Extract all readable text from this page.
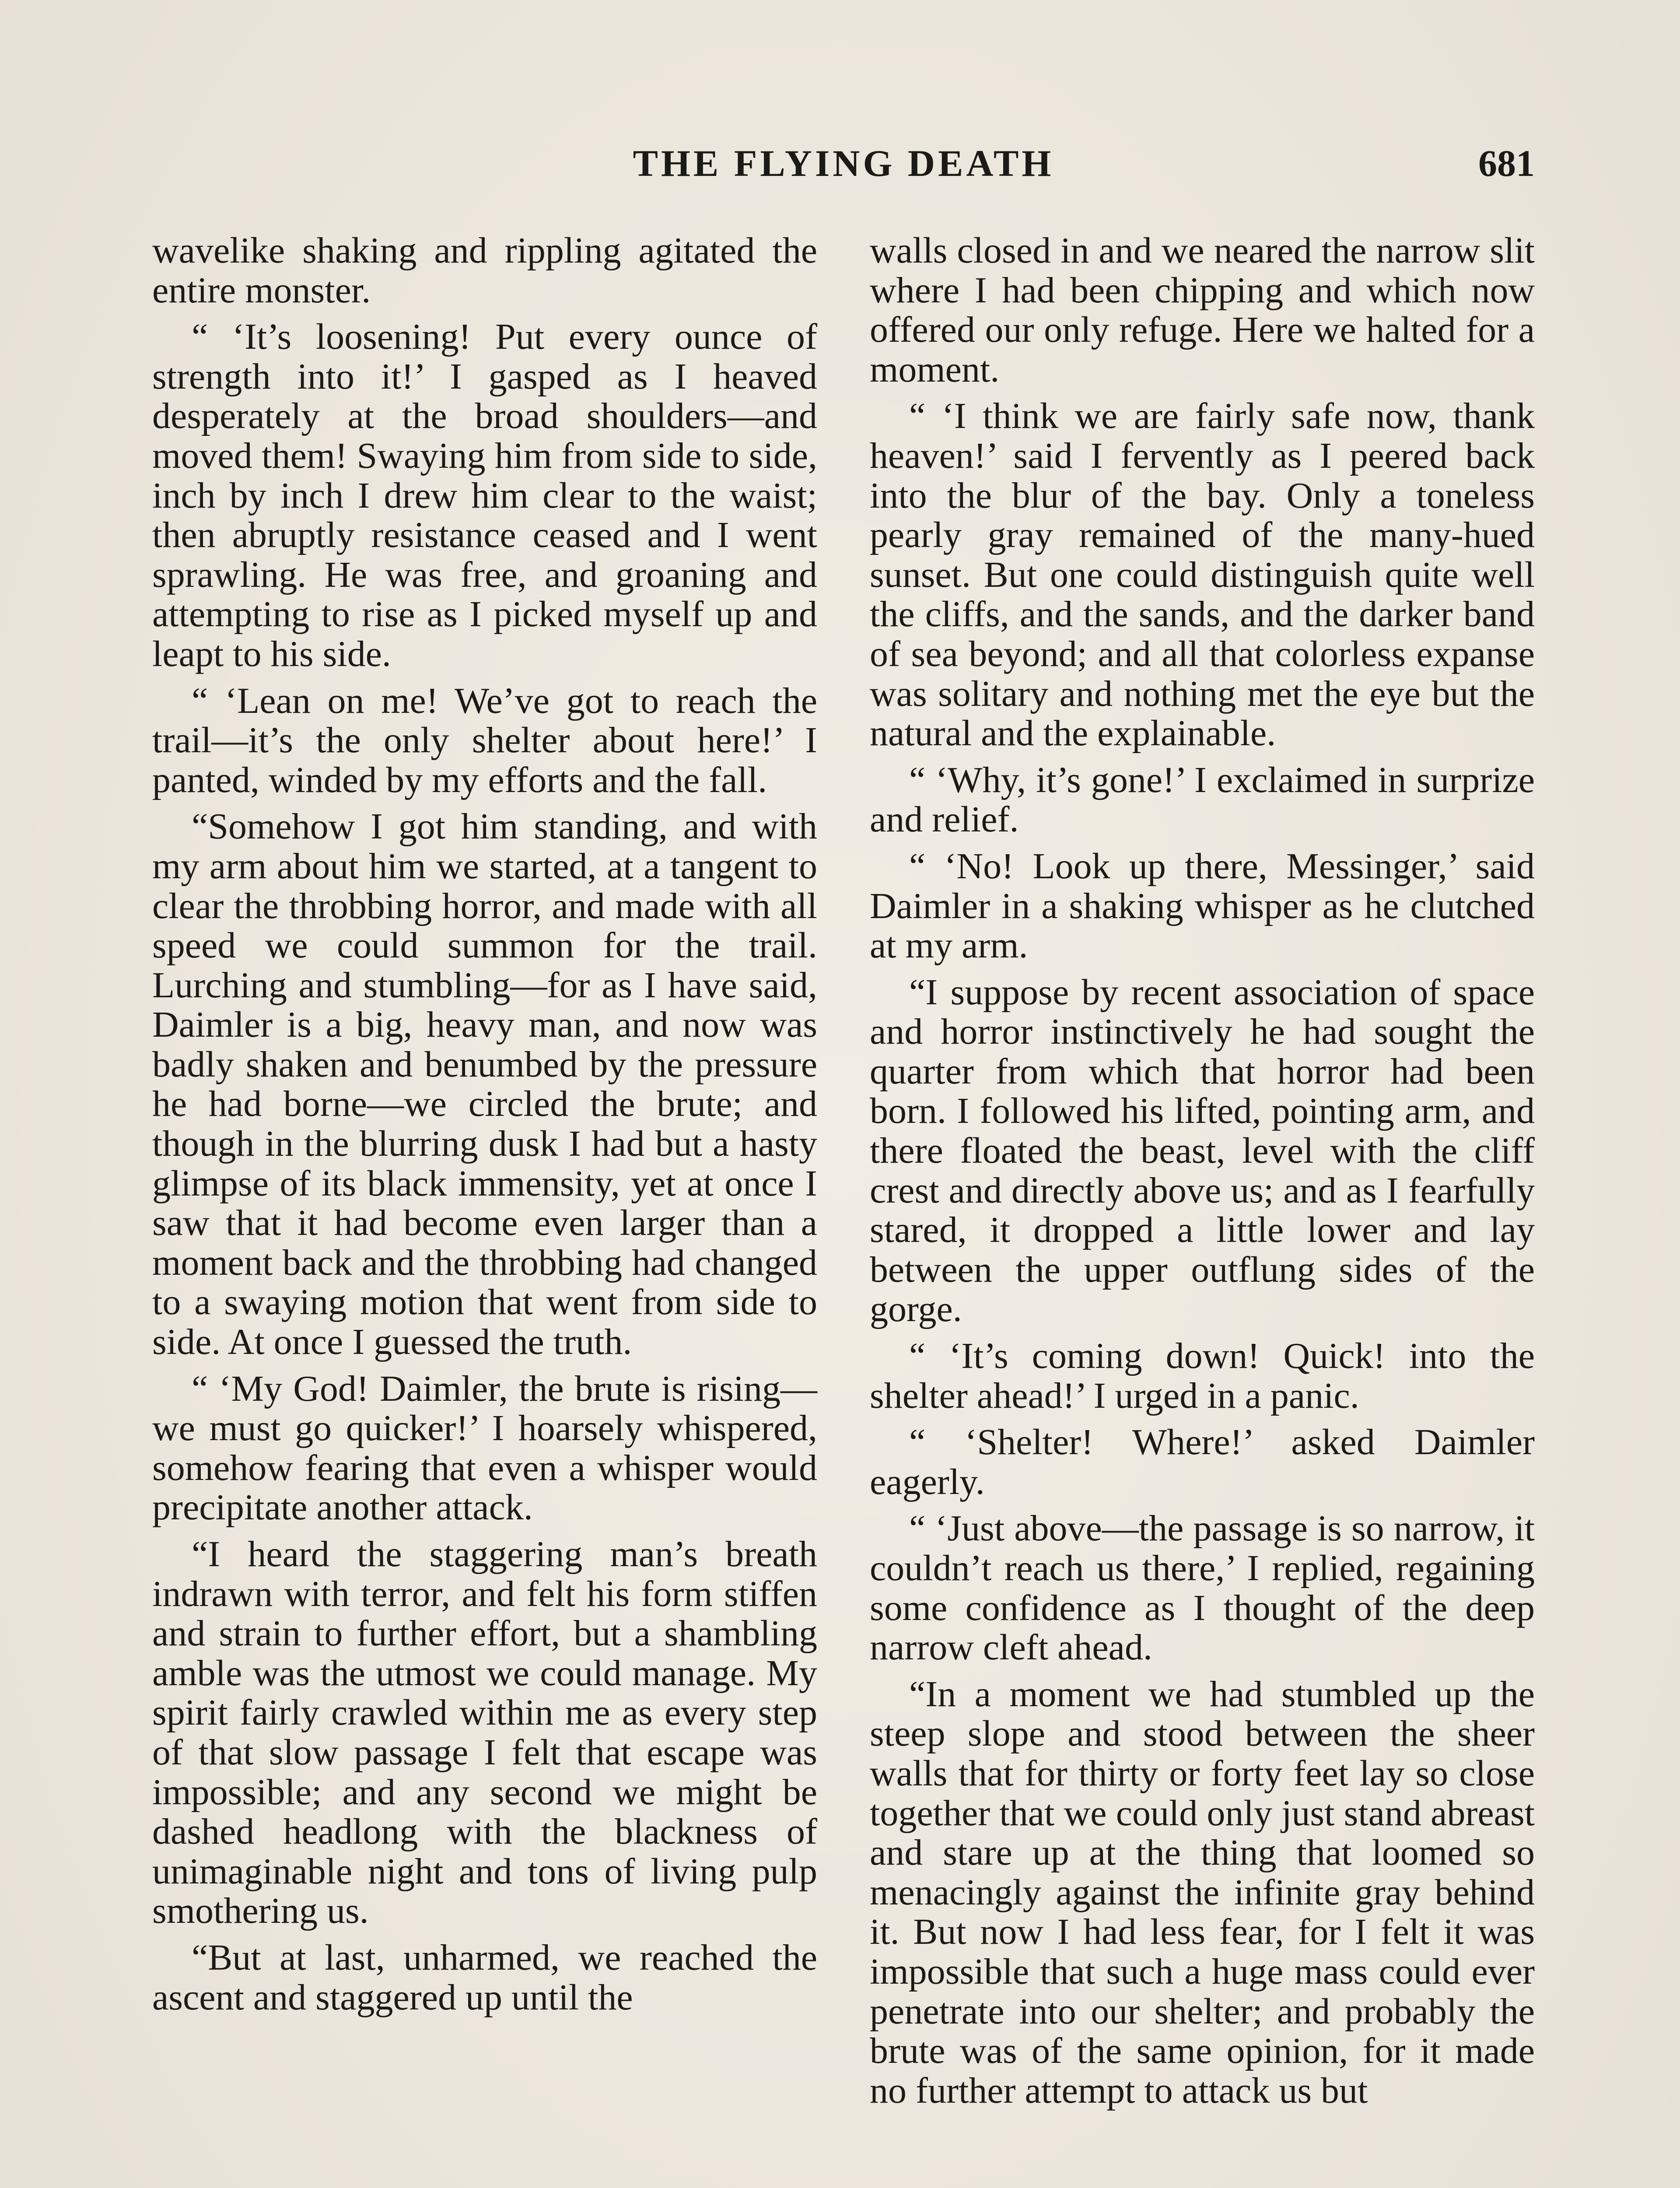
THE FLYING DEATH	681

wavelike shaking and rippling agitated the entire monster.

“ ‘It’s loosening! Put every ounce of strength into it!’ I gasped as I heaved desperately at the broad shoulders—and moved them! Swaying him from side to side, inch by inch I drew him clear to the waist; then abruptly resistance ceased and I went sprawling. He was free, and groaning and attempting to rise as I picked myself up and leapt to his side.

“ ‘Lean on me! We’ve got to reach the trail—it’s the only shelter about here!’ I panted, winded by my efforts and the fall.

“Somehow I got him standing, and with my arm about him we started, at a tangent to clear the throbbing horror, and made with all speed we could summon for the trail. Lurching and stumbling—for as I have said, Daimler is a big, heavy man, and now was badly shaken and benumbed by the pressure he had borne—we circled the brute; and though in the blurring dusk I had but a hasty glimpse of its black immensity, yet at once I saw that it had become even larger than a moment back and the throbbing had changed to a swaying motion that went from side to side. At once I guessed the truth.

“ ‘My God! Daimler, the brute is rising—we must go quicker!’ I hoarsely whispered, somehow fearing that even a whisper would precipitate another attack.

“I heard the staggering man’s breath indrawn with terror, and felt his form stiffen and strain to further effort, but a shambling amble was the utmost we could manage. My spirit fairly crawled within me as every step of that slow passage I felt that escape was impossible; and any second we might be dashed headlong with the blackness of unimaginable night and tons of living pulp smothering us.

“But at last, unharmed, we reached the ascent and staggered up until the

walls closed in and we neared the narrow slit where I had been chipping and which now offered our only refuge. Here we halted for a moment.

“ ‘I think we are fairly safe now, thank heaven!’ said I fervently as I peered back into the blur of the bay. Only a toneless pearly gray remained of the many-hued sunset. But one could distinguish quite well the cliffs, and the sands, and the darker band of sea beyond; and all that colorless expanse was solitary and nothing met the eye but the natural and the explainable.

“ ‘Why, it’s gone!’ I exclaimed in surprize and relief.

“ ‘No! Look up there, Messinger,’ said Daimler in a shaking whisper as he clutched at my arm.

“I suppose by recent association of space and horror instinctively he had sought the quarter from which that horror had been born. I followed his lifted, pointing arm, and there floated the beast, level with the cliff crest and directly above us; and as I fearfully stared, it dropped a little lower and lay between the upper outflung sides of the gorge.

“ ‘It’s coming down! Quick! into the shelter ahead!’ I urged in a panic.

“ ‘Shelter! Where!’ asked Daimler eagerly.

“ ‘Just above—the passage is so narrow, it couldn’t reach us there,’ I replied, regaining some confidence as I thought of the deep narrow cleft ahead.

“In a moment we had stumbled up the steep slope and stood between the sheer walls that for thirty or forty feet lay so close together that we could only just stand abreast and stare up at the thing that loomed so menacingly against the infinite gray behind it. But now I had less fear, for I felt it was impossible that such a huge mass could ever penetrate into our shelter; and probably the brute was of the same opinion, for it made no further attempt to attack us but
